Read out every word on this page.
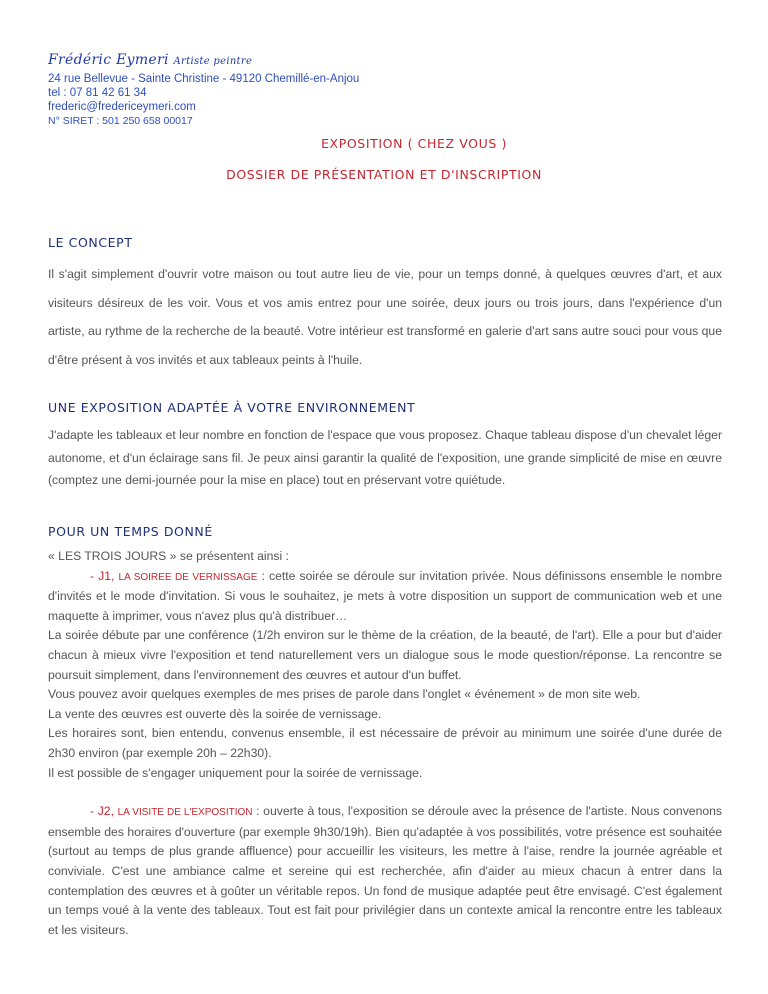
Frédéric Eymeri Artiste peintre
24 rue Bellevue - Sainte Christine - 49120 Chemillé-en-Anjou
tel : 07 81 42 61 34
frederic@fredericeymeri.com
N° SIRET : 501 250 658 00017
EXPOSITION ( CHEZ VOUS )
DOSSIER DE PRÉSENTATION ET D'INSCRIPTION
LE CONCEPT

Il s'agit simplement d'ouvrir votre maison ou tout autre lieu de vie, pour un temps donné, à quelques œuvres d'art, et aux visiteurs désireux de les voir. Vous et vos amis entrez pour une soirée, deux jours ou trois jours, dans l'expérience d'un artiste, au rythme de la recherche de la beauté. Votre intérieur est transformé en galerie d'art sans autre souci pour vous que d'être présent à vos invités et aux tableaux peints à l'huile.

UNE EXPOSITION ADAPTÉE À VOTRE ENVIRONNEMENT

J'adapte les tableaux et leur nombre en fonction de l'espace que vous proposez. Chaque tableau dispose d'un chevalet léger autonome, et d'un éclairage sans fil. Je peux ainsi garantir la qualité de l'exposition, une grande simplicité de mise en œuvre (comptez une demi-journée pour la mise en place) tout en préservant votre quiétude.

POUR UN TEMPS DONNÉ

« LES TROIS JOURS » se présentent ainsi :

- J1, LA SOIREE DE VERNISSAGE : cette soirée se déroule sur invitation privée. Nous définissons ensemble le nombre d'invités et le mode d'invitation. Si vous le souhaitez, je mets à votre disposition un support de communication web et une maquette à imprimer, vous n'avez plus qu'à distribuer…

La soirée débute par une conférence (1/2h environ sur le thème de la création, de la beauté, de l'art). Elle a pour but d'aider chacun à mieux vivre l'exposition et tend naturellement vers un dialogue sous le mode question/réponse. La rencontre se poursuit simplement, dans l'environnement des œuvres et autour d'un buffet.

Vous pouvez avoir quelques exemples de mes prises de parole dans l'onglet « événement » de mon site web.

La vente des œuvres est ouverte dès la soirée de vernissage.

Les horaires sont, bien entendu, convenus ensemble, il est nécessaire de prévoir au minimum une soirée d'une durée de 2h30 environ (par exemple 20h – 22h30).

Il est possible de s'engager uniquement pour la soirée de vernissage.

- J2, LA VISITE DE L'EXPOSITION : ouverte à tous, l'exposition se déroule avec la présence de l'artiste. Nous convenons ensemble des horaires d'ouverture (par exemple 9h30/19h). Bien qu'adaptée à vos possibilités, votre présence est souhaitée (surtout au temps de plus grande affluence) pour accueillir les visiteurs, les mettre à l'aise, rendre la journée agréable et conviviale. C'est une ambiance calme et sereine qui est recherchée, afin d'aider au mieux chacun à entrer dans la contemplation des œuvres et à goûter un véritable repos. Un fond de musique adaptée peut être envisagé. C'est également un temps voué à la vente des tableaux. Tout est fait pour privilégier dans un contexte amical la rencontre entre les tableaux et les visiteurs.
